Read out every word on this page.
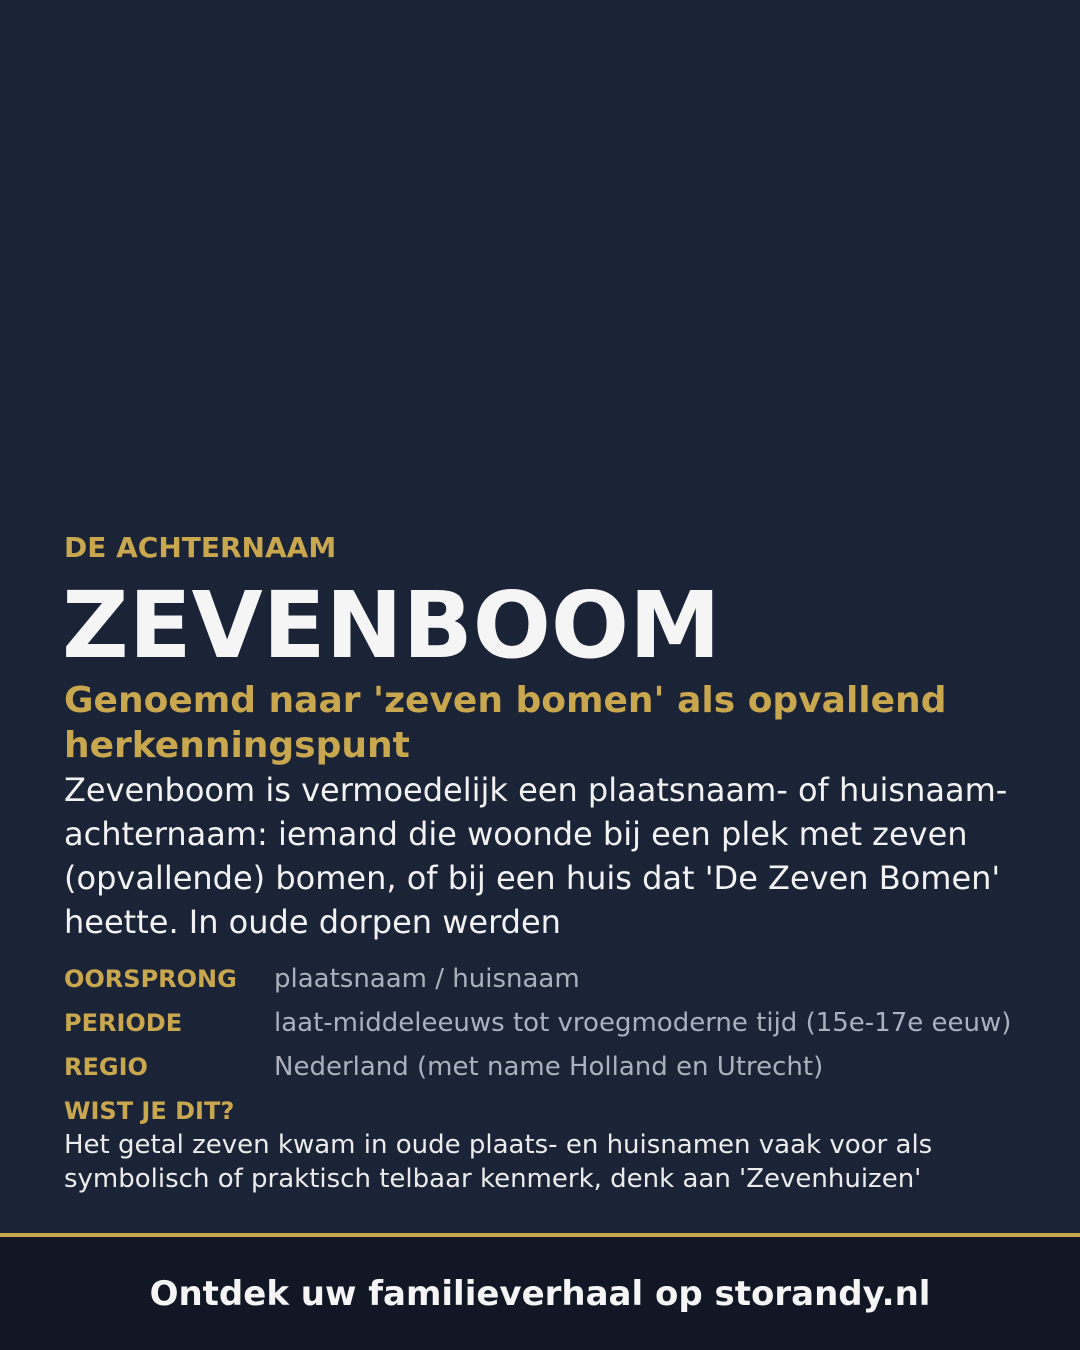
DE ACHTERNAAM

ZEVENBOOM

Genoemd naar 'zeven bomen' als opvallend herkenningspunt

Zevenboom is vermoedelijk een plaatsnaam- of huisnaam-achternaam: iemand die woonde bij een plek met zeven (opvallende) bomen, of bij een huis dat 'De Zeven Bomen' heette. In oude dorpen werden

OORSPRONG	plaatsnaam / huisnaam
PERIODE	laat-middeleeuws tot vroegmoderne tijd (15e-17e eeuw)
REGIO	Nederland (met name Holland en Utrecht)

WIST JE DIT?

Het getal zeven kwam in oude plaats- en huisnamen vaak voor als symbolisch of praktisch telbaar kenmerk, denk aan 'Zevenhuizen'

Ontdek uw familieverhaal op storandy.nl
